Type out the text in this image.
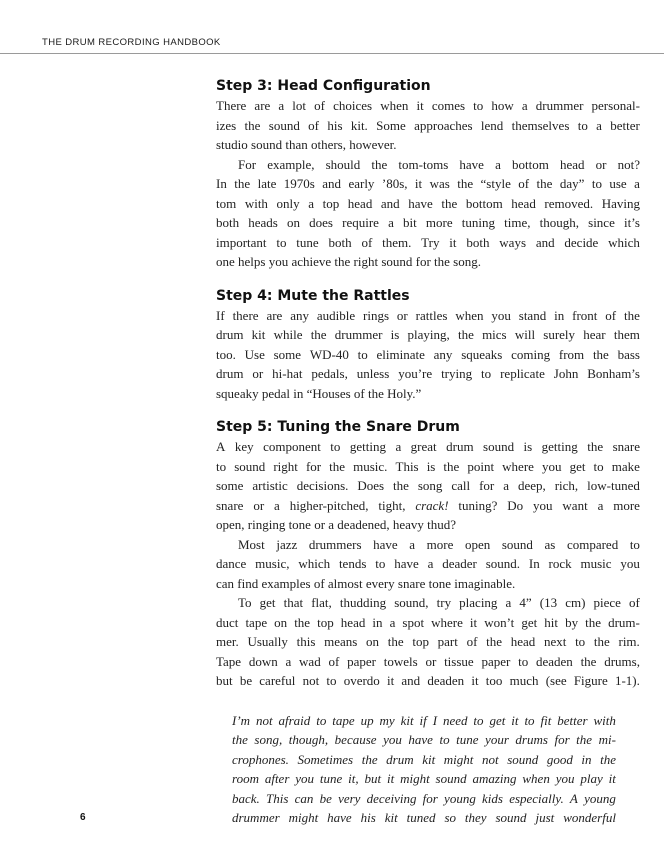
THE DRUM RECORDING HANDBOOK
Step 3: Head Configuration
There are a lot of choices when it comes to how a drummer personal-
izes the sound of his kit. Some approaches lend themselves to a better
studio sound than others, however.
For example, should the tom-toms have a bottom head or not?
In the late 1970s and early ’80s, it was the “style of the day” to use a
tom with only a top head and have the bottom head removed. Having
both heads on does require a bit more tuning time, though, since it’s
important to tune both of them. Try it both ways and decide which
one helps you achieve the right sound for the song.
Step 4: Mute the Rattles
If there are any audible rings or rattles when you stand in front of the
drum kit while the drummer is playing, the mics will surely hear them
too. Use some WD-40 to eliminate any squeaks coming from the bass
drum or hi-hat pedals, unless you’re trying to replicate John Bonham’s
squeaky pedal in “Houses of the Holy.”
Step 5: Tuning the Snare Drum
A key component to getting a great drum sound is getting the snare
to sound right for the music. This is the point where you get to make
some artistic decisions. Does the song call for a deep, rich, low-tuned
snare or a higher-pitched, tight, crack! tuning? Do you want a more
open, ringing tone or a deadened, heavy thud?
Most jazz drummers have a more open sound as compared to
dance music, which tends to have a deader sound. In rock music you
can find examples of almost every snare tone imaginable.
To get that flat, thudding sound, try placing a 4” (13 cm) piece of
duct tape on the top head in a spot where it won’t get hit by the drum-
mer. Usually this means on the top part of the head next to the rim.
Tape down a wad of paper towels or tissue paper to deaden the drums,
but be careful not to overdo it and deaden it too much (see Figure 1-1).
I’m not afraid to tape up my kit if I need to get it to fit better with
the song, though, because you have to tune your drums for the mi-
crophones. Sometimes the drum kit might not sound good in the
room after you tune it, but it might sound amazing when you play it
back. This can be very deceiving for young kids especially. A young
drummer might have his kit tuned so they sound just wonderful
6
